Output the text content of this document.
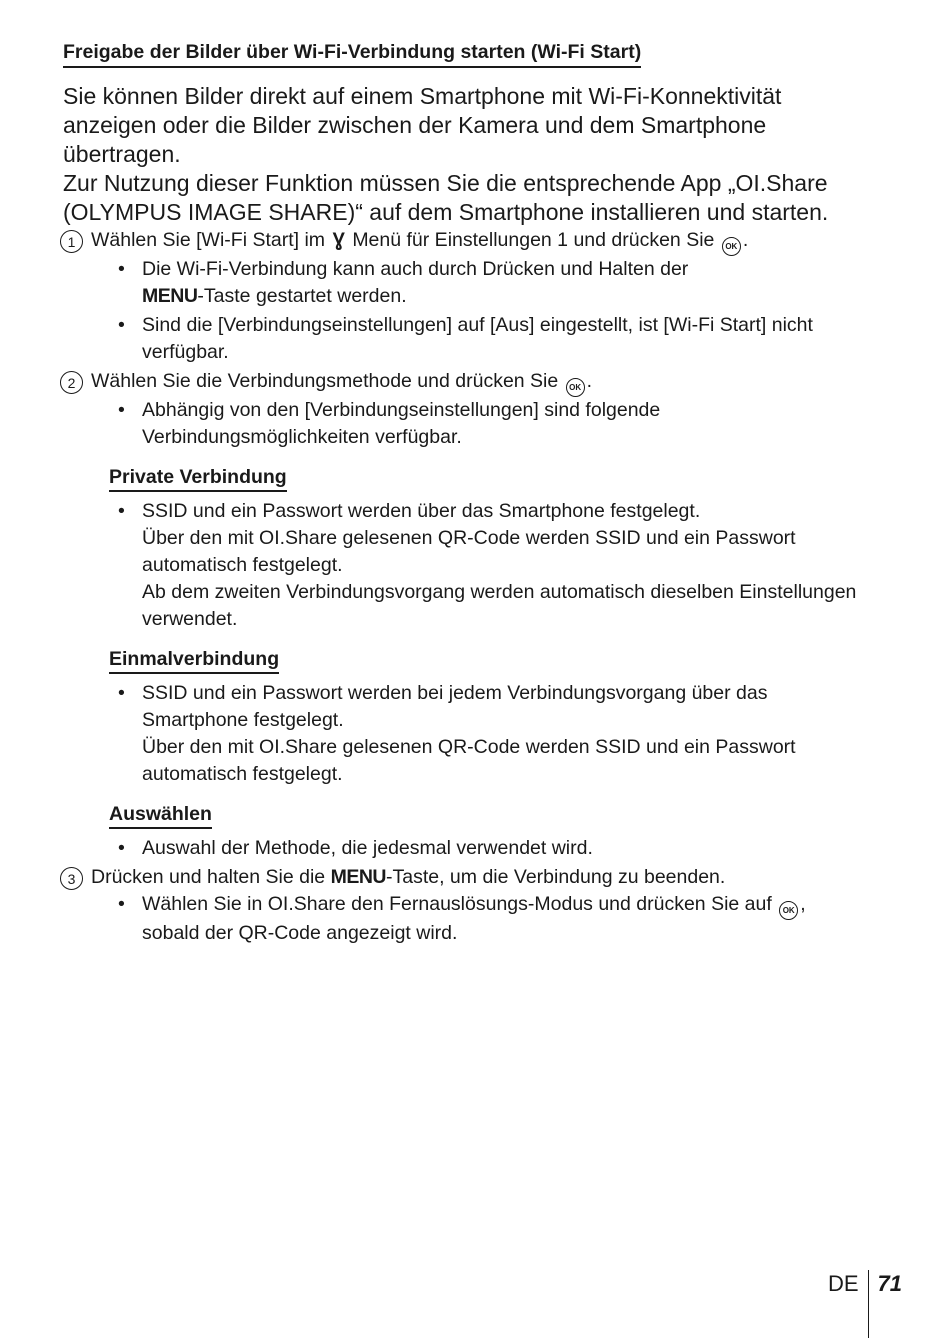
Freigabe der Bilder über Wi-Fi-Verbindung starten (Wi-Fi Start)

Sie können Bilder direkt auf einem Smartphone mit Wi-Fi-Konnektivität anzeigen oder die Bilder zwischen der Kamera und dem Smartphone übertragen.

Zur Nutzung dieser Funktion müssen Sie die entsprechende App „OI.Share (OLYMPUS IMAGE SHARE)“ auf dem Smartphone installieren und starten.

1 Wählen Sie [Wi-Fi Start] im Ɣ Menü für Einstellungen 1 und drücken Sie OK .
• Die Wi-Fi-Verbindung kann auch durch Drücken und Halten der
MENU-Taste gestartet werden.
• Sind die [Verbindungseinstellungen] auf [Aus] eingestellt, ist [Wi-Fi Start] nicht verfügbar.
2 Wählen Sie die Verbindungsmethode und drücken Sie OK .
• Abhängig von den [Verbindungseinstellungen] sind folgende Verbindungsmöglichkeiten verfügbar.
Private Verbindung
• SSID und ein Passwort werden über das Smartphone festgelegt.
Über den mit OI.Share gelesenen QR-Code werden SSID und ein Passwort automatisch festgelegt.
Ab dem zweiten Verbindungsvorgang werden automatisch dieselben Einstellungen verwendet.
Einmalverbindung
• SSID und ein Passwort werden bei jedem Verbindungsvorgang über das Smartphone festgelegt.
Über den mit OI.Share gelesenen QR-Code werden SSID und ein Passwort automatisch festgelegt.
Auswählen
• Auswahl der Methode, die jedesmal verwendet wird.
3 Drücken und halten Sie die MENU-Taste, um die Verbindung zu beenden.
• Wählen Sie in OI.Share den Fernauslösungs-Modus und drücken Sie auf OK , sobald der QR-Code angezeigt wird.
DE 71
